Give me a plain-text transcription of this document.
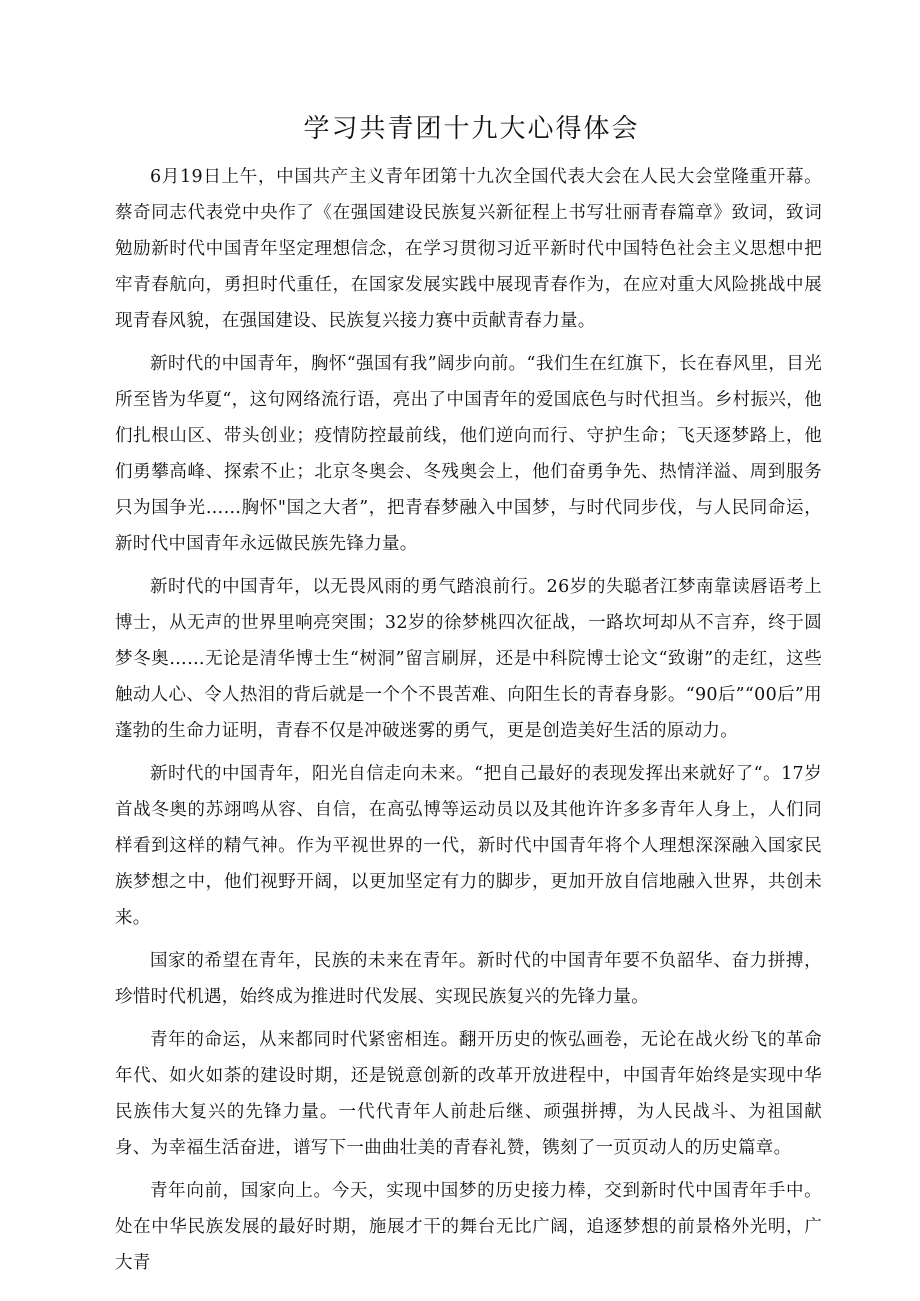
学习共青团十九大心得体会

6月19日上午，中国共产主义青年团第十九次全国代表大会在人民大会堂隆重开幕。蔡奇同志代表党中央作了《在强国建设民族复兴新征程上书写壮丽青春篇章》致词，致词勉励新时代中国青年坚定理想信念，在学习贯彻习近平新时代中国特色社会主义思想中把牢青春航向，勇担时代重任，在国家发展实践中展现青春作为，在应对重大风险挑战中展现青春风貌，在强国建设、民族复兴接力赛中贡献青春力量。

新时代的中国青年，胸怀“强国有我”阔步向前。“我们生在红旗下，长在春风里，目光所至皆为华夏“，这句网络流行语，亮出了中国青年的爱国底色与时代担当。乡村振兴，他们扎根山区、带头创业；疫情防控最前线，他们逆向而行、守护生命；飞天逐梦路上，他们勇攀高峰、探索不止；北京冬奥会、冬残奥会上，他们奋勇争先、热情洋溢、周到服务只为国争光……胸怀"国之大者”，把青春梦融入中国梦，与时代同步伐，与人民同命运，新时代中国青年永远做民族先锋力量。

新时代的中国青年，以无畏风雨的勇气踏浪前行。26岁的失聪者江梦南靠读唇语考上博士，从无声的世界里响亮突围；32岁的徐梦桃四次征战，一路坎坷却从不言弃，终于圆梦冬奥……无论是清华博士生“树洞”留言刷屏，还是中科院博士论文“致谢”的走红，这些触动人心、令人热泪的背后就是一个个不畏苦难、向阳生长的青春身影。“90后”“00后”用蓬勃的生命力证明，青春不仅是冲破迷雾的勇气，更是创造美好生活的原动力。

新时代的中国青年，阳光自信走向未来。“把自己最好的表现发挥出来就好了“。17岁首战冬奥的苏翊鸣从容、自信，在高弘博等运动员以及其他许许多多青年人身上，人们同样看到这样的精气神。作为平视世界的一代，新时代中国青年将个人理想深深融入国家民族梦想之中，他们视野开阔，以更加坚定有力的脚步，更加开放自信地融入世界，共创未来。

国家的希望在青年，民族的未来在青年。新时代的中国青年要不负韶华、奋力拼搏，珍惜时代机遇，始终成为推进时代发展、实现民族复兴的先锋力量。

青年的命运，从来都同时代紧密相连。翻开历史的恢弘画卷，无论在战火纷飞的革命年代、如火如荼的建设时期，还是锐意创新的改革开放进程中，中国青年始终是实现中华民族伟大复兴的先锋力量。一代代青年人前赴后继、顽强拼搏，为人民战斗、为祖国献身、为幸福生活奋进，谱写下一曲曲壮美的青春礼赞，镌刻了一页页动人的历史篇章。

青年向前，国家向上。今天，实现中国梦的历史接力棒，交到新时代中国青年手中。处在中华民族发展的最好时期，施展才干的舞台无比广阔，追逐梦想的前景格外光明，广大青
